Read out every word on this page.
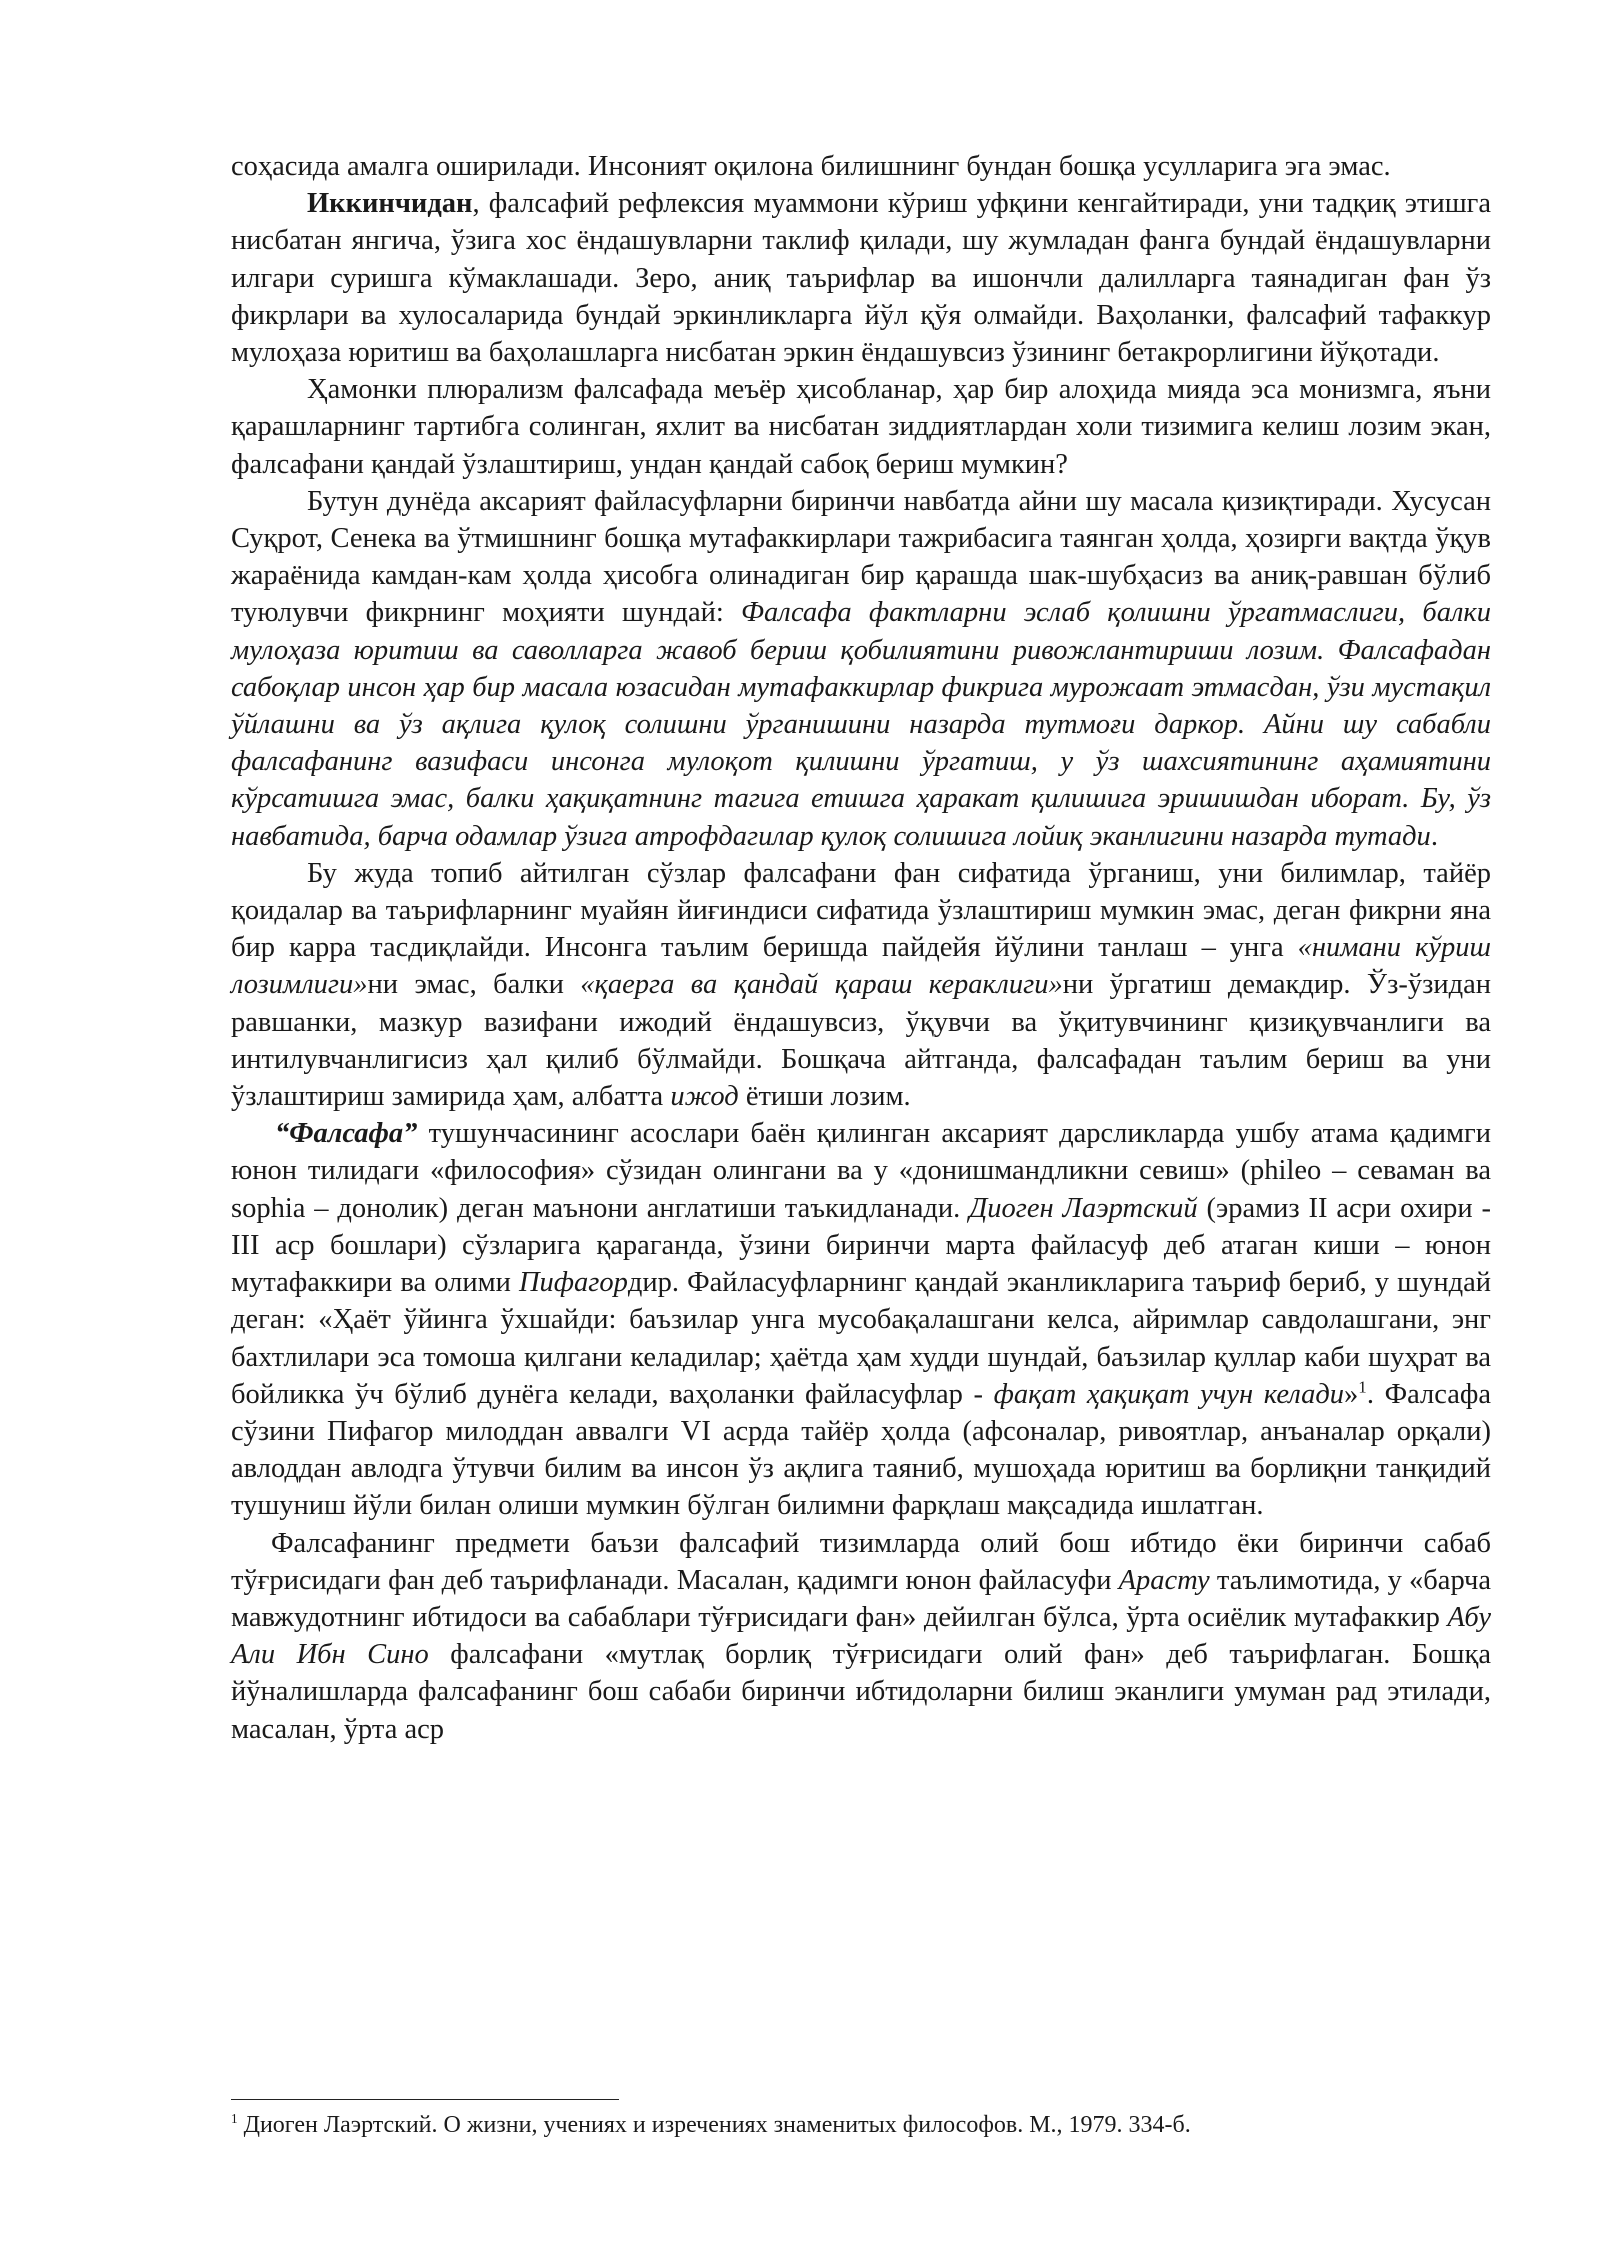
соҳасида амалга оширилади. Инсоният оқилона билишнинг бундан бошқа усулларига эга эмас.

Иккинчидан, фалсафий рефлексия муаммони кўриш уфқини кенгайтиради, уни тадқиқ этишга нисбатан янгича, ўзига хос ёндашувларни таклиф қилади, шу жумладан фанга бундай ёндашувларни илгари суришга кўмаклашади. Зеро, аниқ таърифлар ва ишончли далилларга таянадиган фан ўз фикрлари ва хулосаларида бундай эркинликларга йўл қўя олмайди. Ваҳоланки, фалсафий тафаккур мулоҳаза юритиш ва баҳолашларга нисбатан эркин ёндашувсиз ўзининг бетакрорлигини йўқотади.

Ҳамонки плюрализм фалсафада меъёр ҳисобланар, ҳар бир алоҳида мияда эса монизмга, яъни қарашларнинг тартибга солинган, яхлит ва нисбатан зиддиятлардан холи тизимига келиш лозим экан, фалсафани қандай ўзлаштириш, ундан қандай сабоқ бериш мумкин?

Бутун дунёда аксарият файласуфларни биринчи навбатда айни шу масала қизиқтиради. Хусусан Суқрот, Сенека ва ўтмишнинг бошқа мутафаккирлари тажрибасига таянган ҳолда, ҳозирги вақтда ўқув жараёнида камдан-кам ҳолда ҳисобга олинадиган бир қарашда шак-шубҳасиз ва аниқ-равшан бўлиб туюлувчи фикрнинг моҳияти шундай: Фалсафа фактларни эслаб қолишни ўргатмаслиги, балки мулоҳаза юритиш ва саволларга жавоб бериш қобилиятини ривожлантириши лозим. Фалсафадан сабоқлар инсон ҳар бир масала юзасидан мутафаккирлар фикрига мурожаат этмасдан, ўзи мустақил ўйлашни ва ўз ақлига қулоқ солишни ўрганишини назарда тутмоғи даркор. Айни шу сабабли фалсафанинг вазифаси инсонга мулоқот қилишни ўргатиш, у ўз шахсиятининг аҳамиятини кўрсатишга эмас, балки ҳақиқатнинг тагига етишга ҳаракат қилишига эришишдан иборат. Бу, ўз навбатида, барча одамлар ўзига атрофдагилар қулоқ солишига лойиқ эканлигини назарда тутади.

Бу жуда топиб айтилган сўзлар фалсафани фан сифатида ўрганиш, уни билимлар, тайёр қоидалар ва таърифларнинг муайян йиғиндиси сифатида ўзлаштириш мумкин эмас, деган фикрни яна бир карра тасдиқлайди. Инсонга таълим беришда пайдейя йўлини танлаш – унга «нимани кўриш лозимлиги»ни эмас, балки «қаерга ва қандай қараш кераклиги»ни ўргатиш демакдир. Ўз-ўзидан равшанки, мазкур вазифани ижодий ёндашувсиз, ўқувчи ва ўқитувчининг қизиқувчанлиги ва интилувчанлигисиз ҳал қилиб бўлмайди. Бошқача айтганда, фалсафадан таълим бериш ва уни ўзлаштириш замирида ҳам, албатта ижод ётиши лозим.

“Фалсафа” тушунчасининг асослари баён қилинган аксарият дарсликларда ушбу атама қадимги юнон тилидаги «философия» сўзидан олингани ва у «донишмандликни севиш» (phileo – севаман ва sophia – донолик) деган маънони англатиши таъкидланади. Диоген Лаэртский (эрамиз II асри охири - III аср бошлари) сўзларига қараганда, ўзини биринчи марта файласуф деб атаган киши – юнон мутафаккири ва олими Пифагордир. Файласуфларнинг қандай эканликларига таъриф бериб, у шундай деган: «Ҳаёт ўйинга ўхшайди: баъзилар унга мусобақалашгани келса, айримлар савдолашгани, энг бахтлилари эса томоша қилгани келадилар; ҳаётда ҳам худди шундай, баъзилар қуллар каби шуҳрат ва бойликка ўч бўлиб дунёга келади, ваҳоланки файласуфлар - фақат ҳақиқат учун келади»$^1$. Фалсафа сўзини Пифагор милоддан аввалги VI асрда тайёр ҳолда (афсоналар, ривоятлар, анъаналар орқали) авлоддан авлодга ўтувчи билим ва инсон ўз ақлига таяниб, мушоҳада юритиш ва борлиқни танқидий тушуниш йўли билан олиши мумкин бўлган билимни фарқлаш мақсадида ишлатган.

Фалсафанинг предмети баъзи фалсафий тизимларда олий бош ибтидо ёки биринчи сабаб тўғрисидаги фан деб таърифланади. Масалан, қадимги юнон файласуфи Арасту таълимотида, у «барча мавжудотнинг ибтидоси ва сабаблари тўғрисидаги фан» дейилган бўлса, ўрта осиёлик мутафаккир Абу Али Ибн Сино фалсафани «мутлақ борлиқ тўғрисидаги олий фан» деб таърифлаган. Бошқа йўналишларда фалсафанинг бош сабаби биринчи ибтидоларни билиш эканлиги умуман рад этилади, масалан, ўрта аср

$^1$ Диоген Лаэртский. О жизни, учениях и изречениях знаменитых философов. М., 1979. 334-б.
